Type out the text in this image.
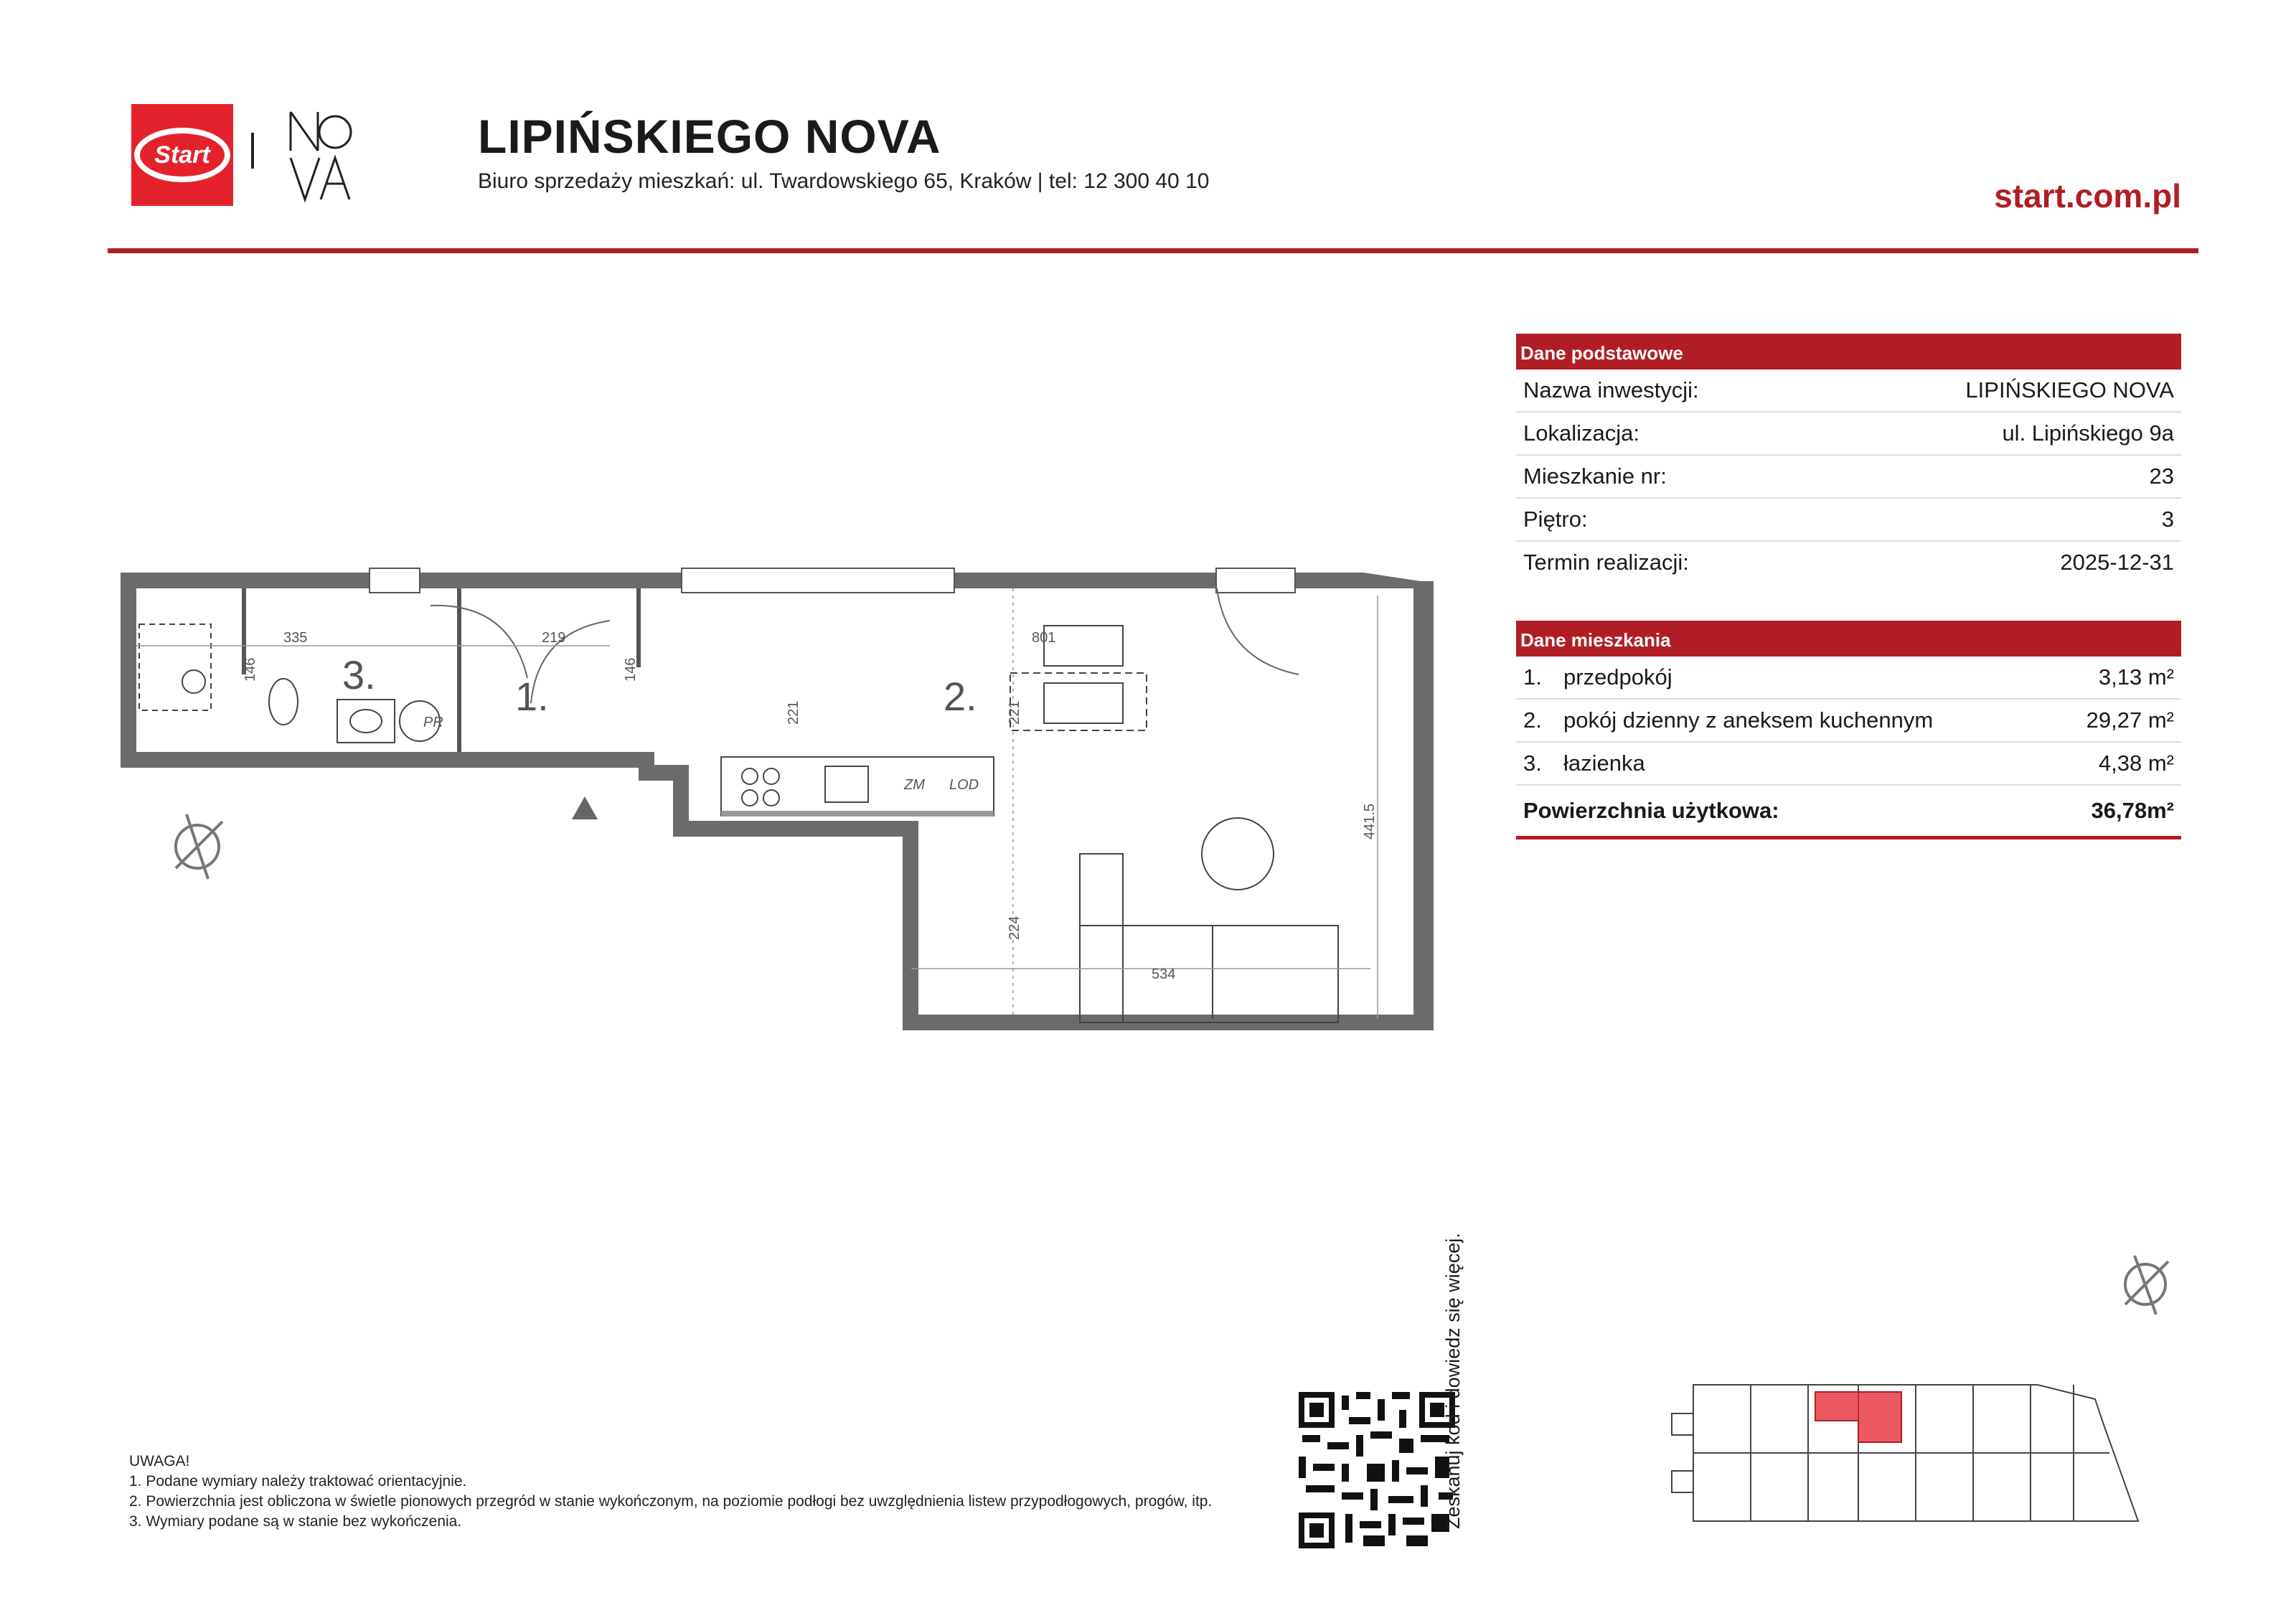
Start	LIPIŃSKIEGO NOVA
Biuro sprzedaży mieszkań: ul. Twardowskiego 65, Kraków | tel: 12 300 40 10	start.com.pl
Dane podstawowe
Nazwa inwestycji:	LIPIŃSKIEGO NOVA
Lokalizacja:	ul. Lipińskiego 9a
Mieszkanie nr:	23
Piętro:	3
Termin realizacji:	2025-12-31
Dane mieszkania
1. przedpokój	3,13 m²
2. pokój dzienny z aneksem kuchennym	29,27 m²
3. łazienka	4,38 m²
Powierzchnia użytkowa:	36,78m²
1.	2.
3.
335	219
146	146
221
801
221
441.5
224
534
PR
ZM LOD
UWAGA!
1. Podane wymiary należy traktować orientacyjnie.
2. Powierzchnia jest obliczona w świetle pionowych przegród w stanie wykończonym, na poziomie podłogi bez uwzględnienia listew przypodłogowych, progów, itp.
3. Wymiary podane są w stanie bez wykończenia.	Zeskanuj kod i dowiedz się więcej.
